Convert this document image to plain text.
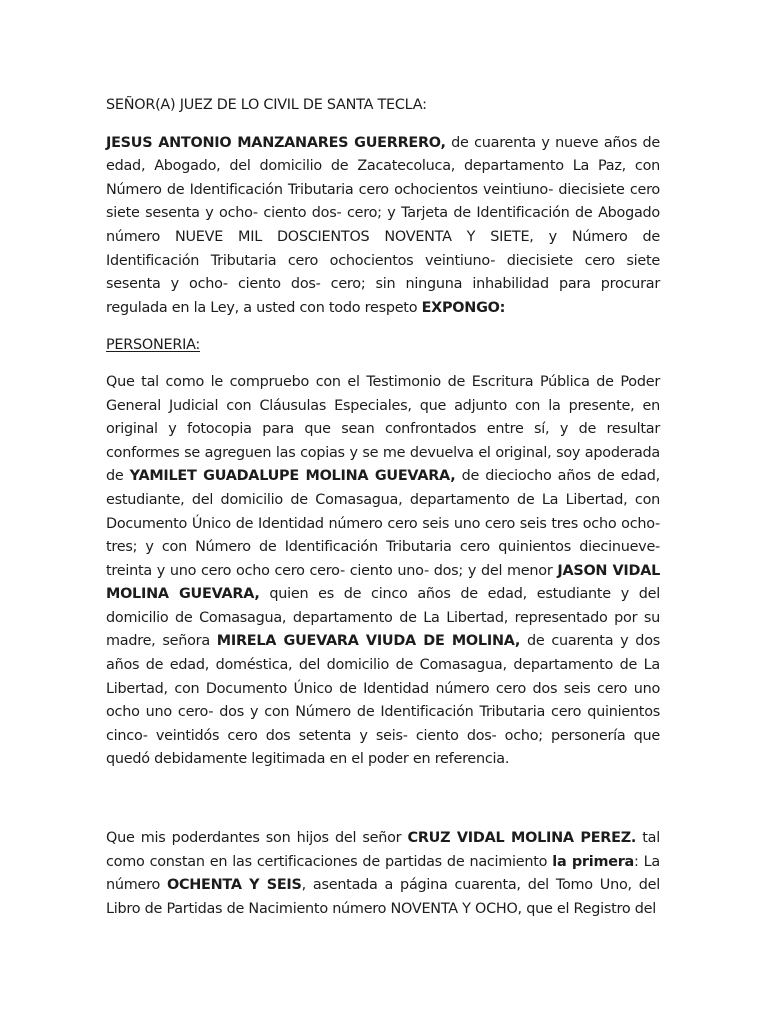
SEÑOR(A) JUEZ DE LO CIVIL DE SANTA TECLA:

JESUS ANTONIO MANZANARES GUERRERO, de cuarenta y nueve años de edad, Abogado, del domicilio de Zacatecoluca, departamento La Paz, con Número de Identificación Tributaria cero ochocientos veintiuno- diecisiete cero siete sesenta y ocho- ciento dos- cero; y Tarjeta de Identificación de Abogado número NUEVE MIL DOSCIENTOS NOVENTA Y SIETE, y Número de Identificación Tributaria cero ochocientos veintiuno- diecisiete cero siete sesenta y ocho- ciento dos- cero; sin ninguna inhabilidad para procurar regulada en la Ley, a usted con todo respeto EXPONGO:

PERSONERIA:

Que tal como le compruebo con el Testimonio de Escritura Pública de Poder General Judicial con Cláusulas Especiales, que adjunto con la presente, en original y fotocopia para que sean confrontados entre sí, y de resultar conformes se agreguen las copias y se me devuelva el original, soy apoderada de YAMILET GUADALUPE MOLINA GUEVARA, de dieciocho años de edad, estudiante, del domicilio de Comasagua, departamento de La Libertad, con Documento Único de Identidad número cero seis uno cero seis tres ocho ocho-tres; y con Número de Identificación Tributaria cero quinientos diecinueve-treinta y uno cero ocho cero cero- ciento uno- dos; y del menor JASON VIDAL MOLINA GUEVARA, quien es de cinco años de edad, estudiante y del domicilio de Comasagua, departamento de La Libertad, representado por su madre, señora MIRELA GUEVARA VIUDA DE MOLINA, de cuarenta y dos años de edad, doméstica, del domicilio de Comasagua, departamento de La Libertad, con Documento Único de Identidad número cero dos seis cero uno ocho uno cero- dos y con Número de Identificación Tributaria cero quinientos cinco- veintidós cero dos setenta y seis- ciento dos- ocho; personería que quedó debidamente legitimada en el poder en referencia.

Que mis poderdantes son hijos del señor CRUZ VIDAL MOLINA PEREZ. tal como constan en las certificaciones de partidas de nacimiento la primera: La número OCHENTA Y SEIS, asentada a página cuarenta, del Tomo Uno, del Libro de Partidas de Nacimiento número NOVENTA Y OCHO, que el Registro del
